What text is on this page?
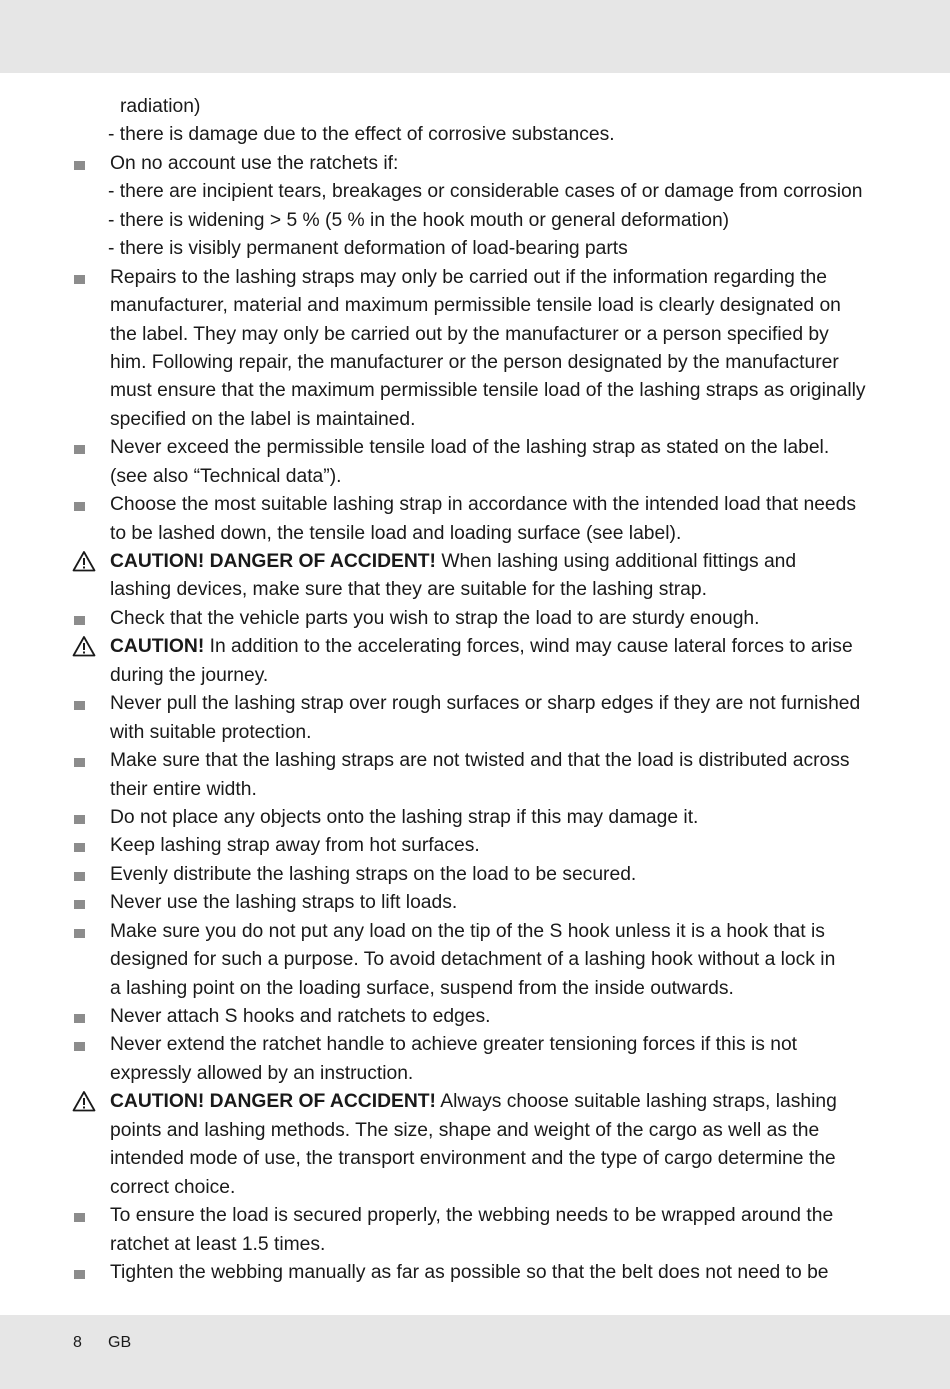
radiation)
- there is damage due to the effect of corrosive substances.
On no account use the ratchets if:
- there are incipient tears, breakages or considerable cases of or damage from corrosion
- there is widening > 5 % (5 % in the hook mouth or general deformation)
- there is visibly permanent deformation of load-bearing parts
Repairs to the lashing straps may only be carried out if the information regarding the
manufacturer, material and maximum permissible tensile load is clearly designated on
the label. They may only be carried out by the manufacturer or a person specified by
him. Following repair, the manufacturer or the person designated by the manufacturer
must ensure that the maximum permissible tensile load of the lashing straps as originally
specified on the label is maintained.
Never exceed the permissible tensile load of the lashing strap as stated on the label.
(see also “Technical data”).
Choose the most suitable lashing strap in accordance with the intended load that needs
to be lashed down, the tensile load and loading surface (see label).
CAUTION! DANGER OF ACCIDENT! When lashing using additional fittings and
lashing devices, make sure that they are suitable for the lashing strap.
Check that the vehicle parts you wish to strap the load to are sturdy enough.
CAUTION! In addition to the accelerating forces, wind may cause lateral forces to arise
during the journey.
Never pull the lashing strap over rough surfaces or sharp edges if they are not furnished
with suitable protection.
Make sure that the lashing straps are not twisted and that the load is distributed across
their entire width.
Do not place any objects onto the lashing strap if this may damage it.
Keep lashing strap away from hot surfaces.
Evenly distribute the lashing straps on the load to be secured.
Never use the lashing straps to lift loads.
Make sure you do not put any load on the tip of the S hook unless it is a hook that is
designed for such a purpose. To avoid detachment of a lashing hook without a lock in
a lashing point on the loading surface, suspend from the inside outwards.
Never attach S hooks and ratchets to edges.
Never extend the ratchet handle to achieve greater tensioning forces if this is not
expressly allowed by an instruction.
CAUTION! DANGER OF ACCIDENT! Always choose suitable lashing straps, lashing
points and lashing methods. The size, shape and weight of the cargo as well as the
intended mode of use, the transport environment and the type of cargo determine the
correct choice.
To ensure the load is secured properly, the webbing needs to be wrapped around the
ratchet at least 1.5 times.
Tighten the webbing manually as far as possible so that the belt does not need to be
8 GB
